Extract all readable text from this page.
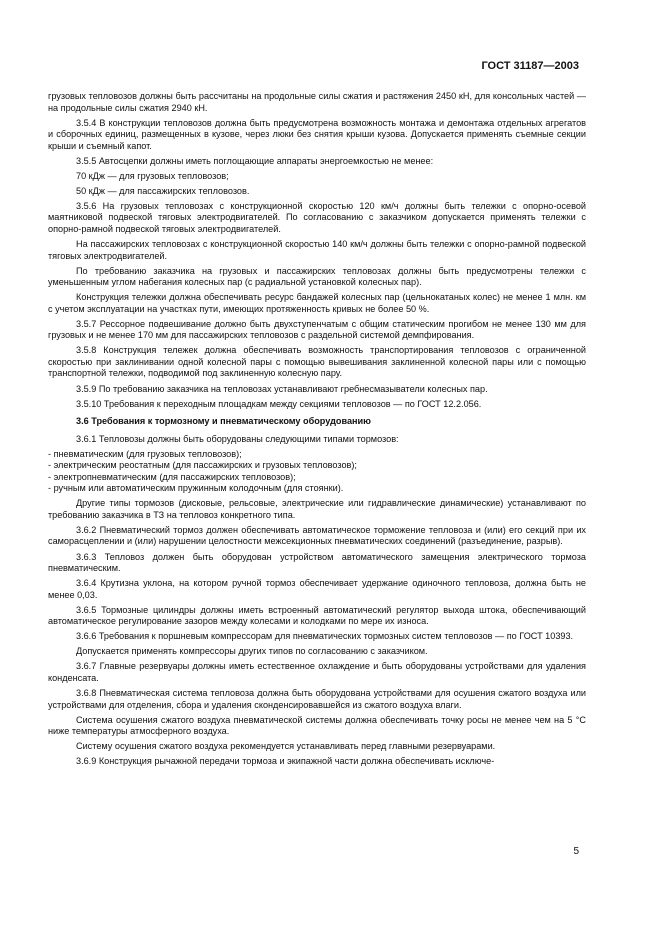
ГОСТ 31187—2003

грузовых тепловозов должны быть рассчитаны на продольные силы сжатия и растяжения 2450 кН, для консольных частей — на продольные силы сжатия 2940 кН.

3.5.4 В конструкции тепловозов должна быть предусмотрена возможность монтажа и демонтажа отдельных агрегатов и сборочных единиц, размещенных в кузове, через люки без снятия крыши кузова. Допускается применять съемные секции крыши и съемный капот.

3.5.5 Автосцепки должны иметь поглощающие аппараты энергоемкостью не менее:

70 кДж — для грузовых тепловозов;

50 кДж — для пассажирских тепловозов.

3.5.6 На грузовых тепловозах с конструкционной скоростью 120 км/ч должны быть тележки с опорно-осевой маятниковой подвеской тяговых электродвигателей. По согласованию с заказчиком допускается применять тележки с опорно-рамной подвеской тяговых электродвигателей.

На пассажирских тепловозах с конструкционной скоростью 140 км/ч должны быть тележки с опорно-рамной подвеской тяговых электродвигателей.

По требованию заказчика на грузовых и пассажирских тепловозах должны быть предусмотрены тележки с уменьшенным углом набегания колесных пар (с радиальной установкой колесных пар).

Конструкция тележки должна обеспечивать ресурс бандажей колесных пар (цельнокатаных колес) не менее 1 млн. км с учетом эксплуатации на участках пути, имеющих протяженность кривых не более 50 %.

3.5.7 Рессорное подвешивание должно быть двухступенчатым с общим статическим прогибом не менее 130 мм для грузовых и не менее 170 мм для пассажирских тепловозов с раздельной системой демпфирования.

3.5.8 Конструкция тележек должна обеспечивать возможность транспортирования тепловозов с ограниченной скоростью при заклинивании одной колесной пары с помощью вывешивания заклиненной колесной пары или с помощью транспортной тележки, подводимой под заклиненную колесную пару.

3.5.9 По требованию заказчика на тепловозах устанавливают гребнесмазыватели колесных пар.

3.5.10 Требования к переходным площадкам между секциями тепловозов — по ГОСТ 12.2.056.

3.6 Требования к тормозному и пневматическому оборудованию

3.6.1 Тепловозы должны быть оборудованы следующими типами тормозов:

- пневматическим (для грузовых тепловозов);

- электрическим реостатным (для пассажирских и грузовых тепловозов);

- электропневматическим (для пассажирских тепловозов);

- ручным или автоматическим пружинным колодочным (для стоянки).

Другие типы тормозов (дисковые, рельсовые, электрические или гидравлические динамические) устанавливают по требованию заказчика в ТЗ на тепловоз конкретного типа.

3.6.2 Пневматический тормоз должен обеспечивать автоматическое торможение тепловоза и (или) его секций при их саморасцеплении и (или) нарушении целостности межсекционных пневматических соединений (разъединение, разрыв).

3.6.3 Тепловоз должен быть оборудован устройством автоматического замещения электрического тормоза пневматическим.

3.6.4 Крутизна уклона, на котором ручной тормоз обеспечивает удержание одиночного тепловоза, должна быть не менее 0,03.

3.6.5 Тормозные цилиндры должны иметь встроенный автоматический регулятор выхода штока, обеспечивающий автоматическое регулирование зазоров между колесами и колодками по мере их износа.

3.6.6 Требования к поршневым компрессорам для пневматических тормозных систем тепловозов — по ГОСТ 10393.

Допускается применять компрессоры других типов по согласованию с заказчиком.

3.6.7 Главные резервуары должны иметь естественное охлаждение и быть оборудованы устройствами для удаления конденсата.

3.6.8 Пневматическая система тепловоза должна быть оборудована устройствами для осушения сжатого воздуха или устройствами для отделения, сбора и удаления сконденсировавшейся из сжатого воздуха влаги.

Система осушения сжатого воздуха пневматической системы должна обеспечивать точку росы не менее чем на 5 °С ниже температуры атмосферного воздуха.

Систему осушения сжатого воздуха рекомендуется устанавливать перед главными резервуарами.

3.6.9 Конструкция рычажной передачи тормоза и экипажной части должна обеспечивать исключе-

5
